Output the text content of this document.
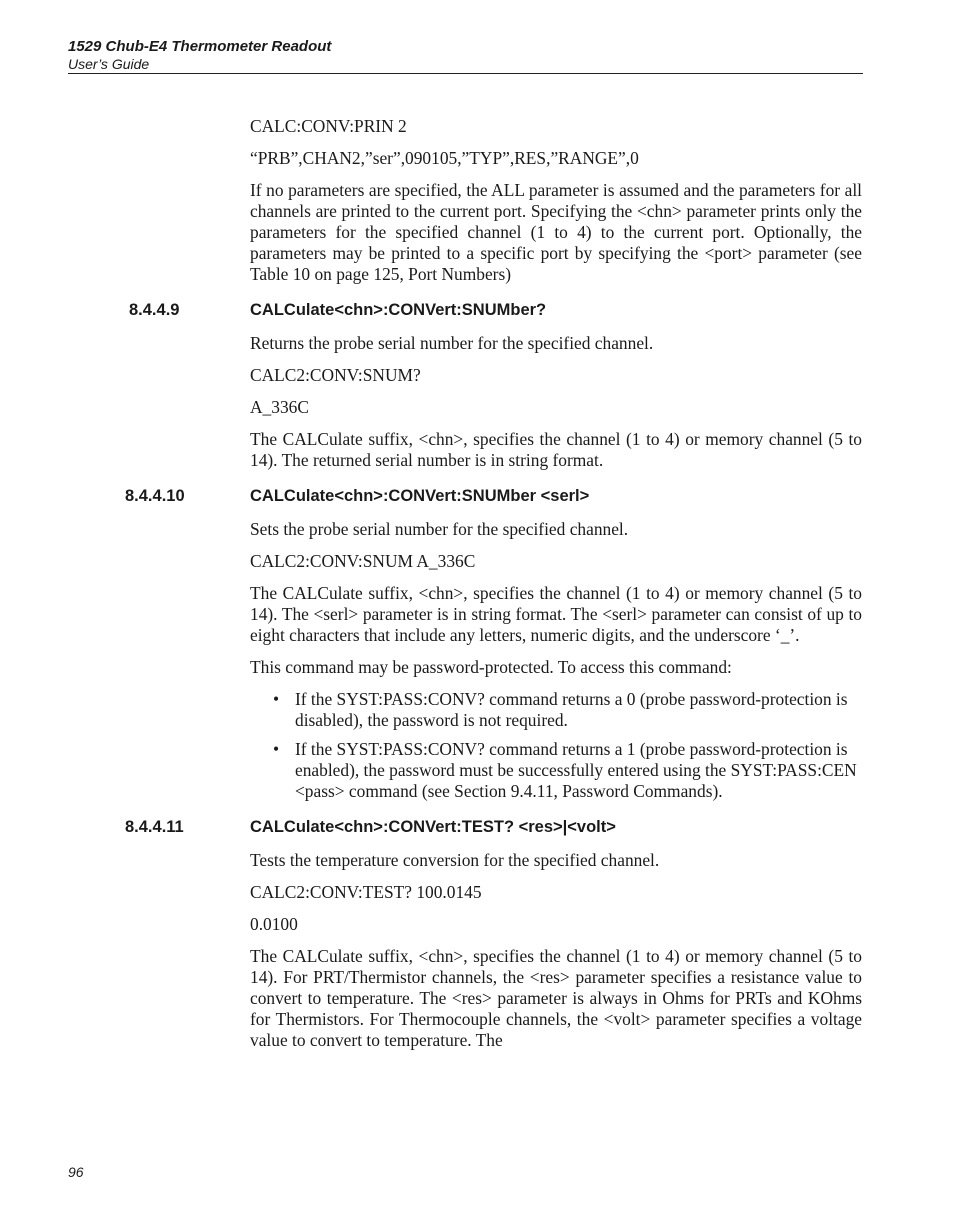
1529 Chub-E4 Thermometer Readout
User’s Guide
CALC:CONV:PRIN 2
“PRB”,CHAN2,”ser”,090105,”TYP”,RES,”RANGE”,0
If no parameters are specified, the ALL parameter is assumed and the parameters for all channels are printed to the current port. Specifying the <chn> parameter prints only the parameters for the specified channel (1 to 4) to the current port. Optionally, the parameters may be printed to a specific port by specifying the <port> parameter (see Table 10 on page 125, Port Numbers)
8.4.4.9	CALCulate<chn>:CONVert:SNUMber?
Returns the probe serial number for the specified channel.
CALC2:CONV:SNUM?
A_336C
The CALCulate suffix, <chn>, specifies the channel (1 to 4) or memory channel (5 to 14). The returned serial number is in string format.
8.4.4.10	CALCulate<chn>:CONVert:SNUMber <serl>
Sets the probe serial number for the specified channel.
CALC2:CONV:SNUM A_336C
The CALCulate suffix, <chn>, specifies the channel (1 to 4) or memory channel (5 to 14). The <serl> parameter is in string format. The <serl> parameter can consist of up to eight characters that include any letters, numeric digits, and the underscore ‘_’.
This command may be password-protected. To access this command:
• If the SYST:PASS:CONV? command returns a 0 (probe password-protection is disabled), the password is not required.
• If the SYST:PASS:CONV? command returns a 1 (probe password-protection is enabled), the password must be successfully entered using the SYST:PASS:CEN <pass> command (see Section 9.4.11, Password Commands).
8.4.4.11	CALCulate<chn>:CONVert:TEST? <res>|<volt>
Tests the temperature conversion for the specified channel.
CALC2:CONV:TEST? 100.0145
0.0100
The CALCulate suffix, <chn>, specifies the channel (1 to 4) or memory channel (5 to 14). For PRT/Thermistor channels, the <res> parameter specifies a resistance value to convert to temperature. The <res> parameter is always in Ohms for PRTs and KOhms for Thermistors. For Thermocouple channels, the <volt> parameter specifies a voltage value to convert to temperature. The
96
